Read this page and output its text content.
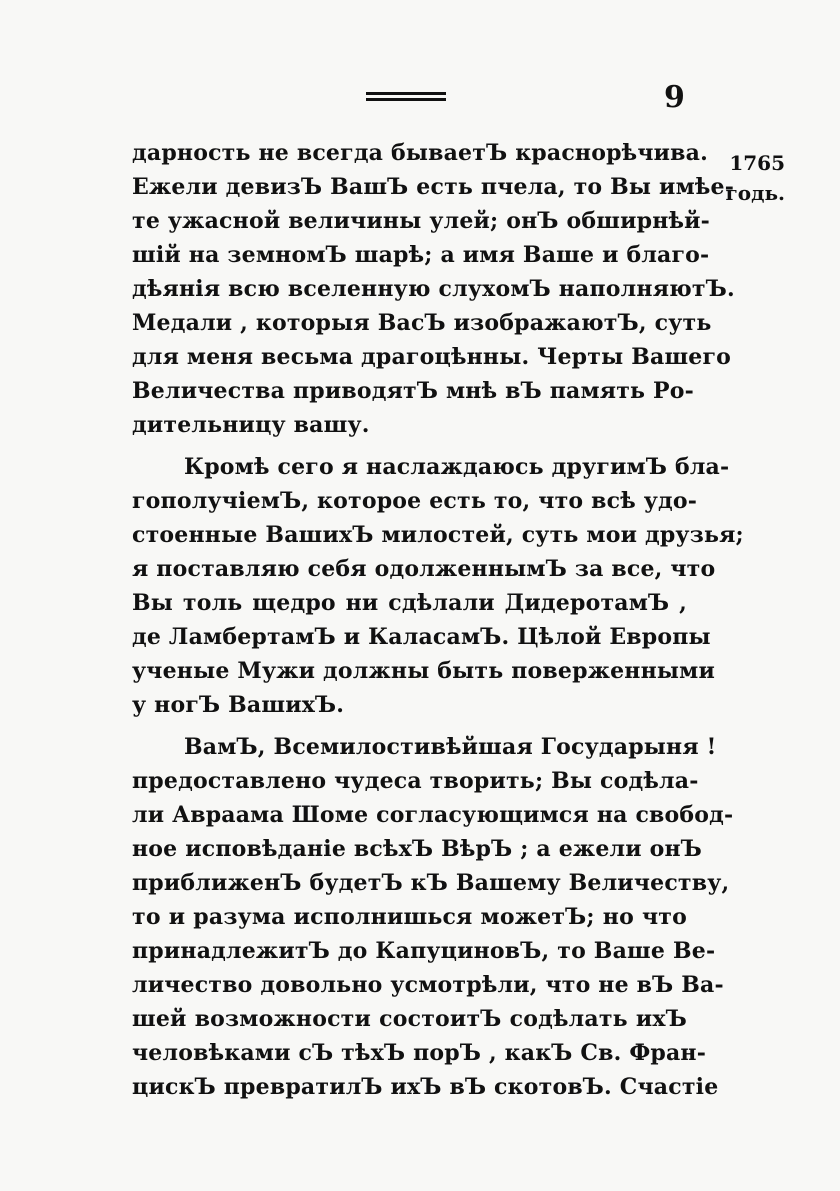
9
1765
годь.
дарность не всегда бываетЪ краснорѣчива.
Ежели девизЪ ВашЪ есть пчела, то Вы имѣе-
те ужасной величины улей; онЪ обширнѣй-
шій на земномЪ шарѣ; а имя Ваше и благо-
дѣянія всю вселенную слухомЪ наполняютЪ.
Медали , которыя ВасЪ изображаютЪ, суть
для меня весьма драгоцѣнны. Черты Вашего
Величества приводятЪ мнѣ вЪ память Ро-
дительницу вашу.
Кромѣ сего я наслаждаюсь другимЪ бла-
гополучіемЪ, которое есть то, что всѣ удо-
стоенные ВашихЪ милостей, суть мои друзья;
я поставляю себя одолженнымЪ за все, что
Вы толь щедро ни сдѣлали ДидеротамЪ ,
де ЛамбертамЪ и КаласамЪ. Цѣлой Европы
ученые Мужи должны быть поверженными
у ногЪ ВашихЪ.
ВамЪ, Всемилостивѣйшая Государыня !
предоставлено чудеса творить; Вы содѣла-
ли Авраама Шоме согласующимся на свобод-
ное исповѣданіе всѣхЪ ВѣрЪ ; а ежели онЪ
приближенЪ будетЪ кЪ Вашему Величеству,
то и разума исполнишься можетЪ; но что
принадлежитЪ до КапуциновЪ, то Ваше Ве-
личество довольно усмотрѣли, что не вЪ Ва-
шей возможности состоитЪ содѣлать ихЪ
человѣками сЪ тѣхЪ порЪ , какЪ Св. Фран-
цискЪ превратилЪ ихЪ вЪ скотовЪ. Счастіе
